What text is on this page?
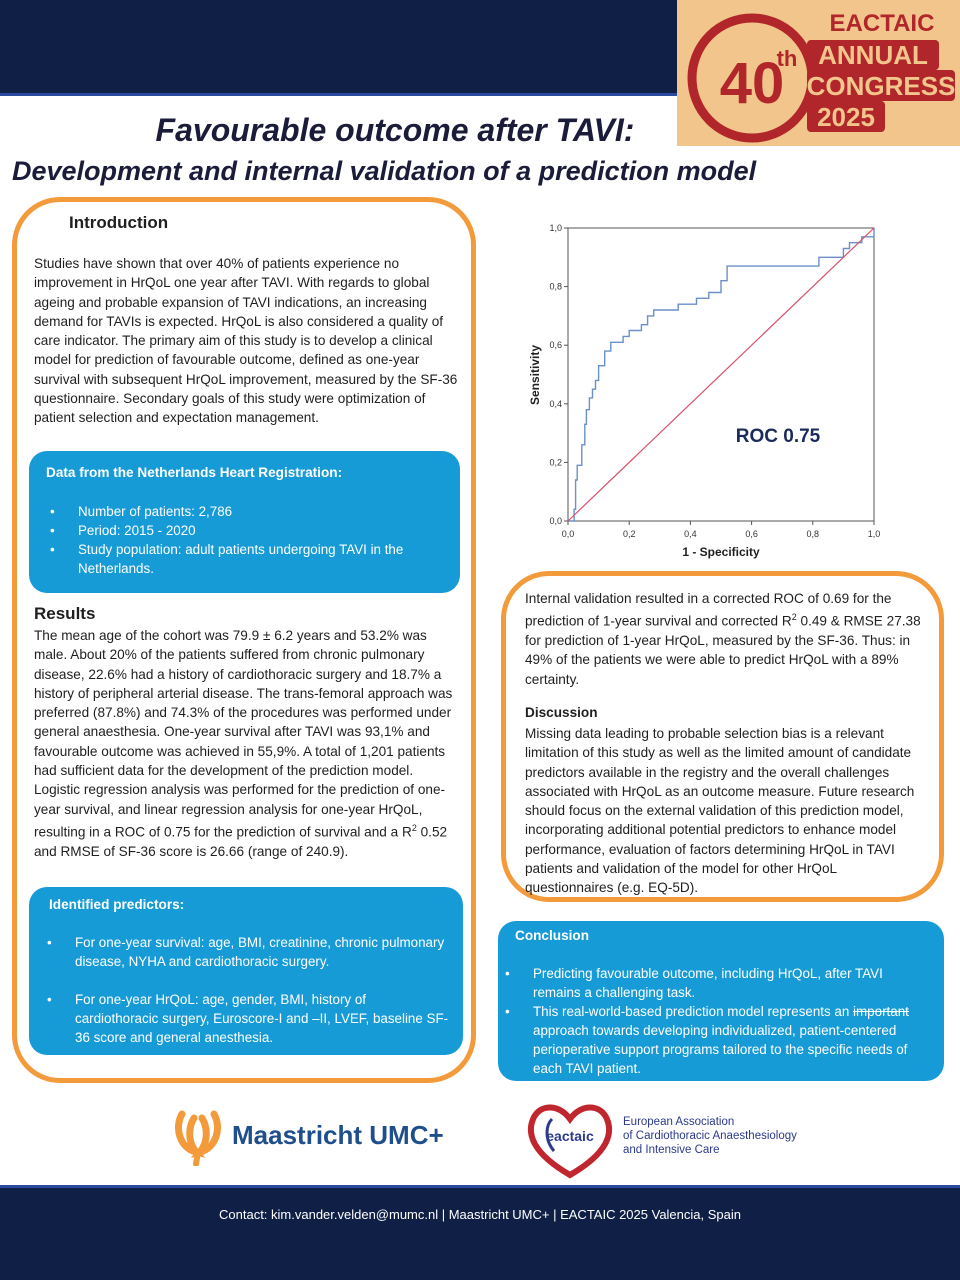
40
th
EACTAIC
ANNUAL
CONGRESS
2025
Favourable outcome after TAVI:
Development and internal validation of a prediction model
Introduction
Studies have shown that over 40% of patients experience no improvement in HrQoL one year after TAVI. With regards to global ageing and probable expansion of TAVI indications, an increasing demand for TAVIs is expected. HrQoL is also considered a quality of care indicator. The primary aim of this study is to develop a clinical model for prediction of favourable outcome, defined as one-year survival with subsequent HrQoL improvement, measured by the SF-36 questionnaire. Secondary goals of this study were optimization of patient selection and expectation management.
Data from the Netherlands Heart Registration:
• Number of patients: 2,786
• Period: 2015 - 2020
• Study population: adult patients undergoing TAVI in the Netherlands.
Results
The mean age of the cohort was 79.9 ± 6.2 years and 53.2% was male. About 20% of the patients suffered from chronic pulmonary disease, 22.6% had a history of cardiothoracic surgery and 18.7% a history of peripheral arterial disease. The trans-femoral approach was preferred (87.8%) and 74.3% of the procedures was performed under general anaesthesia. One-year survival after TAVI was 93,1% and favourable outcome was achieved in 55,9%. A total of 1,201 patients had sufficient data for the development of the prediction model. Logistic regression analysis was performed for the prediction of one-year survival, and linear regression analysis for one-year HrQoL, resulting in a ROC of 0.75 for the prediction of survival and a $R^2$ 0.52 and RMSE of SF-36 score is 26.66 (range of 240.9).
Identified predictors:
• For one-year survival: age, BMI, creatinine, chronic pulmonary disease, NYHA and cardiothoracic surgery.
• For one-year HrQoL: age, gender, BMI, history of cardiothoracic surgery, Euroscore-I and –II, LVEF, baseline SF-36 score and general anesthesia.
0,0	0,2	0,4	0,6	0,8	1,0
0,0
0,2
0,4
0,6
0,8
1,0
1 - Specificity
Sensitivity
ROC 0.75
Internal validation resulted in a corrected ROC of 0.69 for the prediction of 1-year survival and corrected $R^2$ 0.49 & RMSE 27.38 for prediction of 1-year HrQoL, measured by the SF-36. Thus: in 49% of the patients we were able to predict HrQoL with a 89% certainty.
Discussion
Missing data leading to probable selection bias is a relevant limitation of this study as well as the limited amount of candidate predictors available in the registry and the overall challenges associated with HrQoL as an outcome measure. Future research should focus on the external validation of this prediction model, incorporating additional potential predictors to enhance model performance, evaluation of factors determining HrQoL in TAVI patients and validation of the model for other HrQoL questionnaires (e.g. EQ-5D).
Conclusion
• Predicting favourable outcome, including HrQoL, after TAVI remains a challenging task.
• This real-world-based prediction model represents an important approach towards developing individualized, patient-centered perioperative support programs tailored to the specific needs of each TAVI patient.
Maastricht UMC+	eactaic
European Association
of Cardiothoracic Anaesthesiology
and Intensive Care
Contact: kim.vander.velden@mumc.nl | Maastricht UMC+ | EACTAIC 2025 Valencia, Spain
